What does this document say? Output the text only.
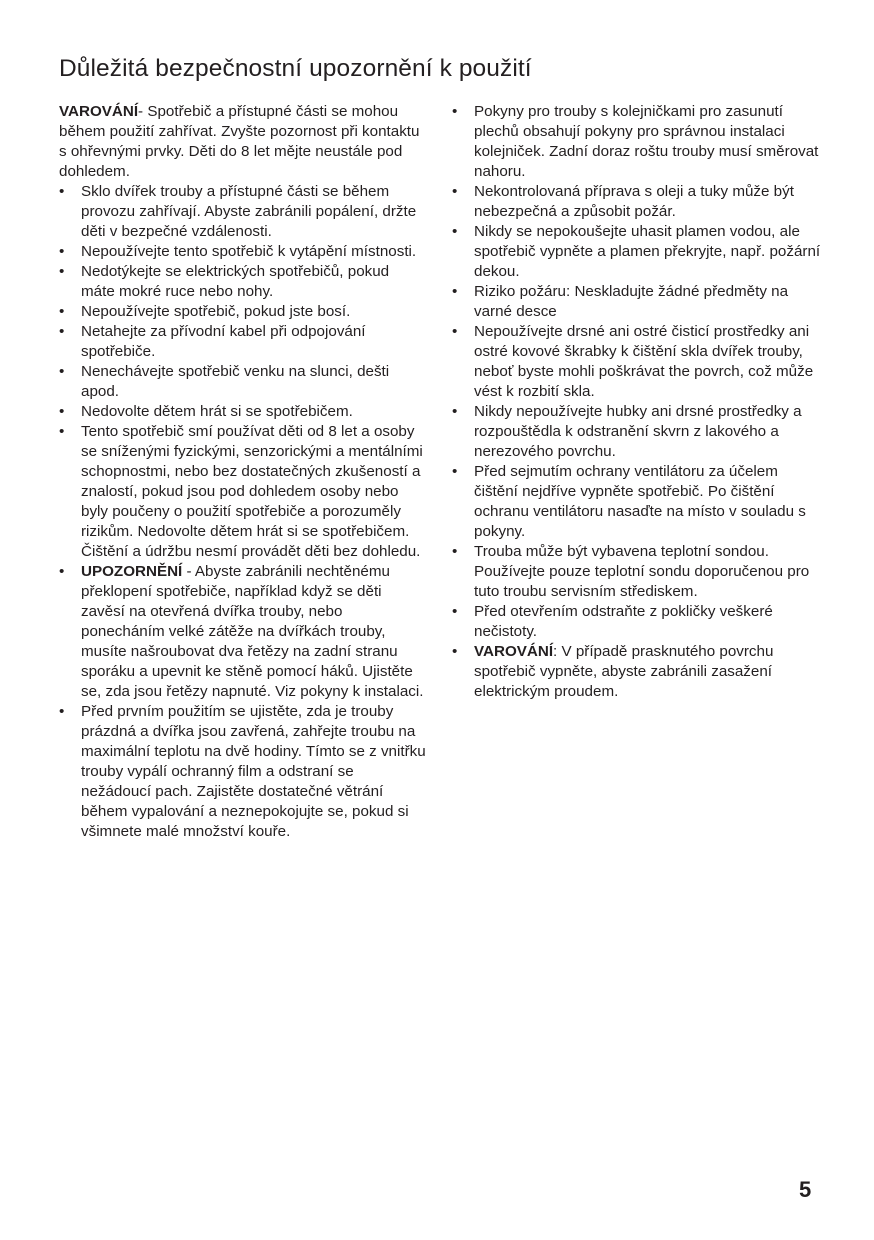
Důležitá bezpečnostní upozornění k použití

VAROVÁNÍ- Spotřebič a přístupné části se mohou během použití zahřívat. Zvyšte pozornost při kontaktu s ohřevnými prvky. Děti do 8 let mějte neustále pod dohledem.

•	Sklo dvířek trouby a přístupné části se během provozu zahřívají. Abyste zabránili popálení, držte děti v bezpečné vzdálenosti.
•	Nepoužívejte tento spotřebič k vytápění místnosti.
•	Nedotýkejte se elektrických spotřebičů, pokud máte mokré ruce nebo nohy.
•	Nepoužívejte spotřebič, pokud jste bosí.
•	Netahejte za přívodní kabel při odpojování spotřebiče.
•	Nenechávejte spotřebič venku na slunci, dešti apod.
•	Nedovolte dětem hrát si se spotřebičem.
•	Tento spotřebič smí používat děti od 8 let a osoby se sníženými fyzickými, senzorickými a mentálními schopnostmi, nebo bez dostatečných zkušeností a znalostí, pokud jsou pod dohledem osoby nebo byly poučeny o použití spotřebiče a porozuměly rizikům. Nedovolte dětem hrát si se spotřebičem. Čištění a údržbu nesmí provádět děti bez dohledu.
•	UPOZORNĚNÍ - Abyste zabránili nechtěnému překlopení spotřebiče, například když se děti zavěsí na otevřená dvířka trouby, nebo ponecháním velké zátěže na dvířkách trouby, musíte našroubovat dva řetězy na zadní stranu sporáku a upevnit ke stěně pomocí háků. Ujistěte se, zda jsou řetězy napnuté. Viz pokyny k instalaci.
•	Před prvním použitím se ujistěte, zda je troubу prázdná a dvířka jsou zavřená, zahřejte troubu na maximální teplotu na dvě hodiny. Tímto se z vnitřku trouby vypálí ochranný film a odstraní se nežádoucí pach. Zajistěte dostatečné větrání během vypalování a neznepokojujte se, pokud si všimnete malé množství kouře.
•	Pokyny pro trouby s kolejničkami pro zasunutí plechů obsahují pokyny pro správnou instalaci kolejniček. Zadní doraz roštu trouby musí směrovat nahoru.
•	Nekontrolovaná příprava s oleji a tuky může být nebezpečná a způsobit požár.
•	Nikdy se nepokoušejte uhasit plamen vodou, ale spotřebič vypněte a plamen překryjte, např. požární dekou.
•	Riziko požáru: Neskladujte žádné předměty na varné desce
•	Nepoužívejte drsné ani ostré čisticí prostředky ani ostré kovové škrabky k čištění skla dvířek trouby, neboť byste mohli poškrávat the povrch, což může vést k rozbití skla.
•	Nikdy nepoužívejte hubky ani drsné prostředky a rozpouštědla k odstranění skvrn z lakového a nerezového povrchu.
•	Před sejmutím ochrany ventilátoru za účelem čištění nejdříve vypněte spotřebič. Po čištění ochranu ventilátoru nasaďte na místo v souladu s pokyny.
•	Trouba může být vybavena teplotní sondou. Používejte pouze teplotní sondu doporučenou pro tuto troubu servisním střediskem.
•	Před otevřením odstraňte z pokličky veškeré nečistoty.
•	VAROVÁNÍ: V případě prasknutého povrchu spotřebič vypněte, abyste zabránili zasažení elektrickým proudem.

5
